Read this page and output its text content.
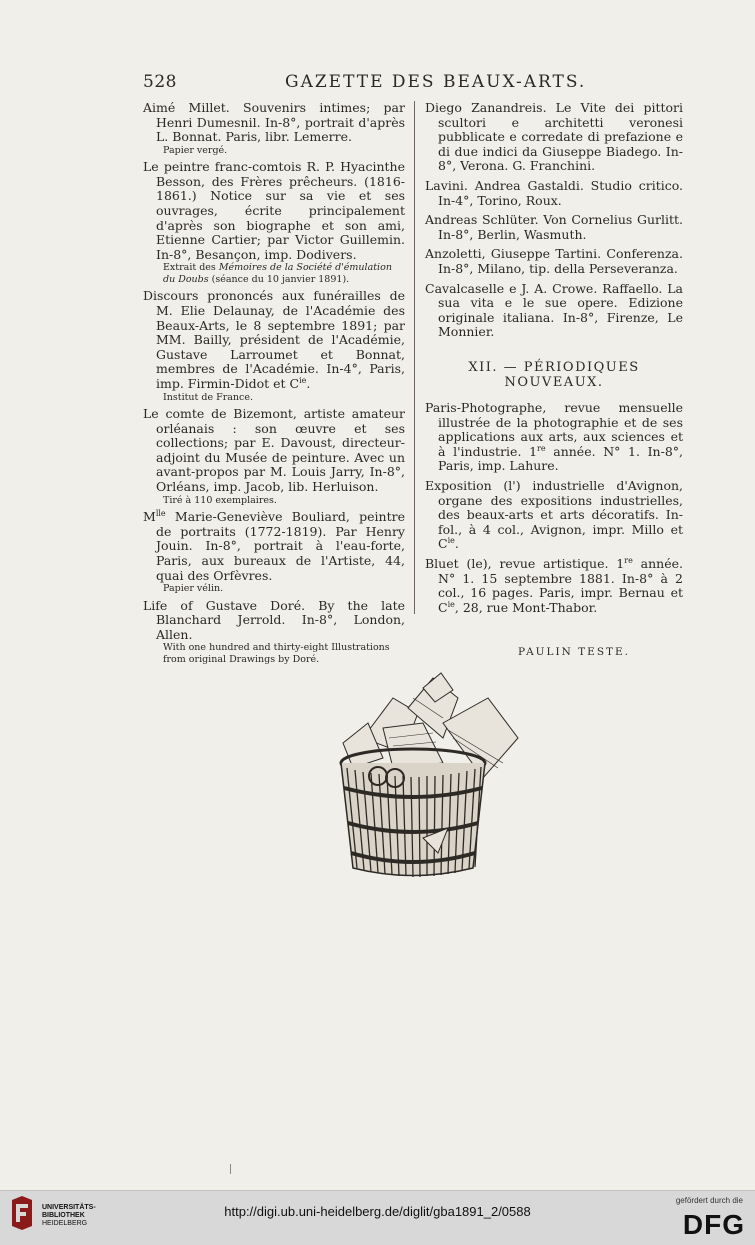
528	GAZETTE DES BEAUX-ARTS.

Aimé Millet. Souvenirs intimes; par Henri Dumesnil. In-8°, portrait d'après L. Bonnat. Paris, libr. Lemerre.

Papier vergé.

Le peintre franc-comtois R. P. Hyacinthe Besson, des Frères prêcheurs. (1816-1861.) Notice sur sa vie et ses ouvrages, écrite principalement d'après son biographe et son ami, Etienne Cartier; par Victor Guillemin. In-8°, Besançon, imp. Dodivers.

Extrait des Mémoires de la Société d'émulation du Doubs (séance du 10 janvier 1891).

Discours prononcés aux funérailles de M. Elie Delaunay, de l'Académie des Beaux-Arts, le 8 septembre 1891; par MM. Bailly, président de l'Académie, Gustave Larroumet et Bonnat, membres de l'Académie. In-4°, Paris, imp. Firmin-Didot et $C^{ie}$.

Institut de France.

Le comte de Bizemont, artiste amateur orléanais : son œuvre et ses collections; par E. Davoust, directeur-adjoint du Musée de peinture. Avec un avant-propos par M. Louis Jarry, In-8°, Orléans, imp. Jacob, lib. Herluison.

Tiré à 110 exemplaires.

$M^{lle}$ Marie-Geneviève Bouliard, peintre de portraits (1772-1819). Par Henry Jouin. In-8°, portrait à l'eau-forte, Paris, aux bureaux de l'Artiste, 44, quai des Orfèvres.

Papier vélin.

Life of Gustave Doré. By the late Blanchard Jerrold. In-8°, London, Allen.

With one hundred and thirty-eight Illustrations from original Drawings by Doré.

Diego Zanandreis. Le Vite dei pittori scultori e architetti veronesi pubblicate e corredate di prefazione e di due indici da Giuseppe Biadego. In-8°, Verona. G. Franchini.

Lavini. Andrea Gastaldi. Studio critico. In-4°, Torino, Roux.

Andreas Schlüter. Von Cornelius Gurlitt. In-8°, Berlin, Wasmuth.

Anzoletti, Giuseppe Tartini. Conferenza. In-8°, Milano, tip. della Perseveranza.

Cavalcaselle e J. A. Crowe. Raffaello. La sua vita e le sue opere. Edizione originale italiana. In-8°, Firenze, Le Monnier.

XII. — PÉRIODIQUES NOUVEAUX.

Paris-Photographe, revue mensuelle illustrée de la photographie et de ses applications aux arts, aux sciences et à l'industrie. 1re année. N° 1. In-8°, Paris, imp. Lahure.

Exposition (l') industrielle d'Avignon, organe des expositions industrielles, des beaux-arts et arts décoratifs. In-fol., à 4 col., Avignon, impr. Millo et $C^{ie}$.

Bluet (le), revue artistique. 1re année. N° 1. 15 septembre 1881. In-8° à 2 col., 16 pages. Paris, impr. Bernau et $C^{ie}$, 28, rue Mont-Thabor.

PAULIN TESTE.
UNIVERSITÄTS-
BIBLIOTHEK
HEIDELBERG
http://digi.ub.uni-heidelberg.de/diglit/gba1891_2/0588
gefördert durch die
DFG
